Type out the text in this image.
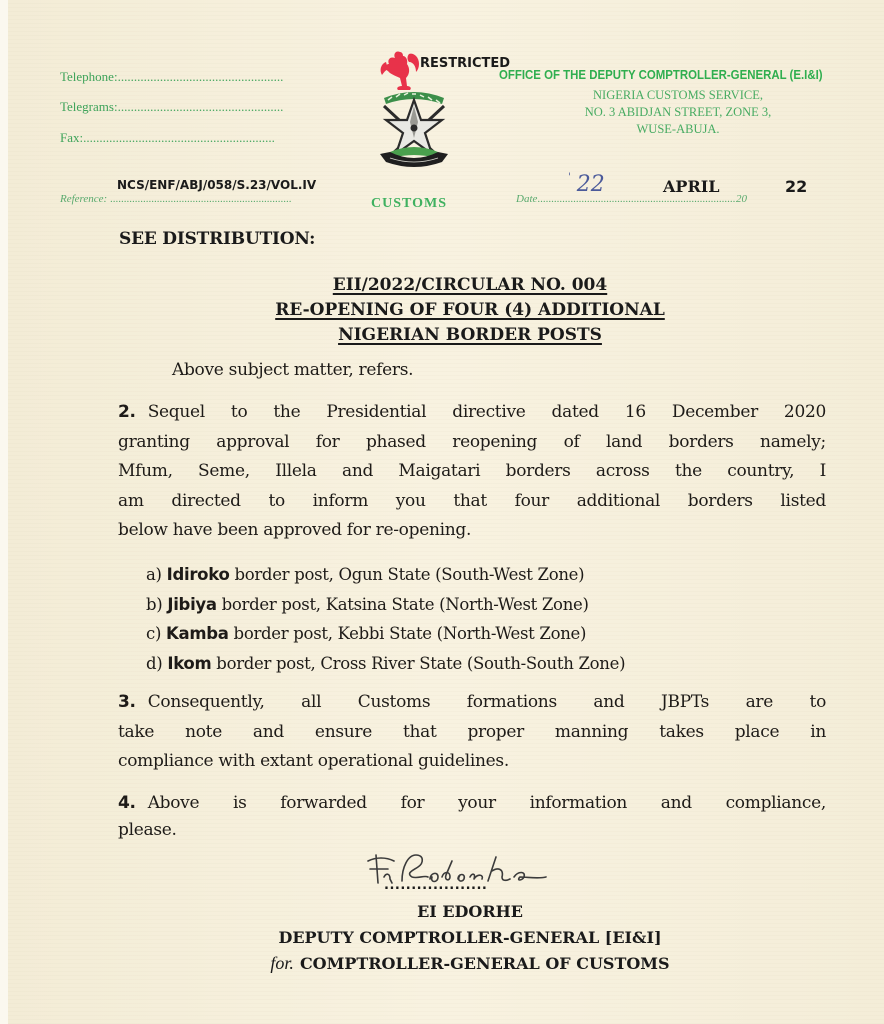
Telephone:...................................................
Telegrams:...................................................
Fax:...........................................................
NCS/ENF/ABJ/058/S.23/VOL.IV
Reference: ..................................................................	CUSTOMS
RESTRICTED
OFFICE OF THE DEPUTY COMPTROLLER-GENERAL (E.I&I)
NIGERIA CUSTOMS SERVICE,
NO. 3 ABIDJAN STREET, ZONE 3,
WUSE-ABUJA.
Date........................................................................ 20
' 22	APRIL	22
SEE DISTRIBUTION:
EII/2022/CIRCULAR NO. 004
RE-OPENING OF FOUR (4) ADDITIONAL
NIGERIAN BORDER POSTS
Above subject matter, refers.
2. Sequel to the Presidential directive dated 16 December 2020
granting approval for phased reopening of land borders namely;
Mfum, Seme, Illela and Maigatari borders across the country, I
am directed to inform you that four additional borders listed
below have been approved for re-opening.
a) Idiroko border post, Ogun State (South-West Zone)
b) Jibiya border post, Katsina State (North-West Zone)
c) Kamba border post, Kebbi State (North-West Zone)
d) Ikom border post, Cross River State (South-South Zone)
3. Consequently, all Customs formations and JBPTs are to
take note and ensure that proper manning takes place in
compliance with extant operational guidelines.
4. Above is forwarded for your information and compliance,
please.
...................
EI EDORHE
DEPUTY COMPTROLLER-GENERAL [EI&I]
for. COMPTROLLER-GENERAL OF CUSTOMS
